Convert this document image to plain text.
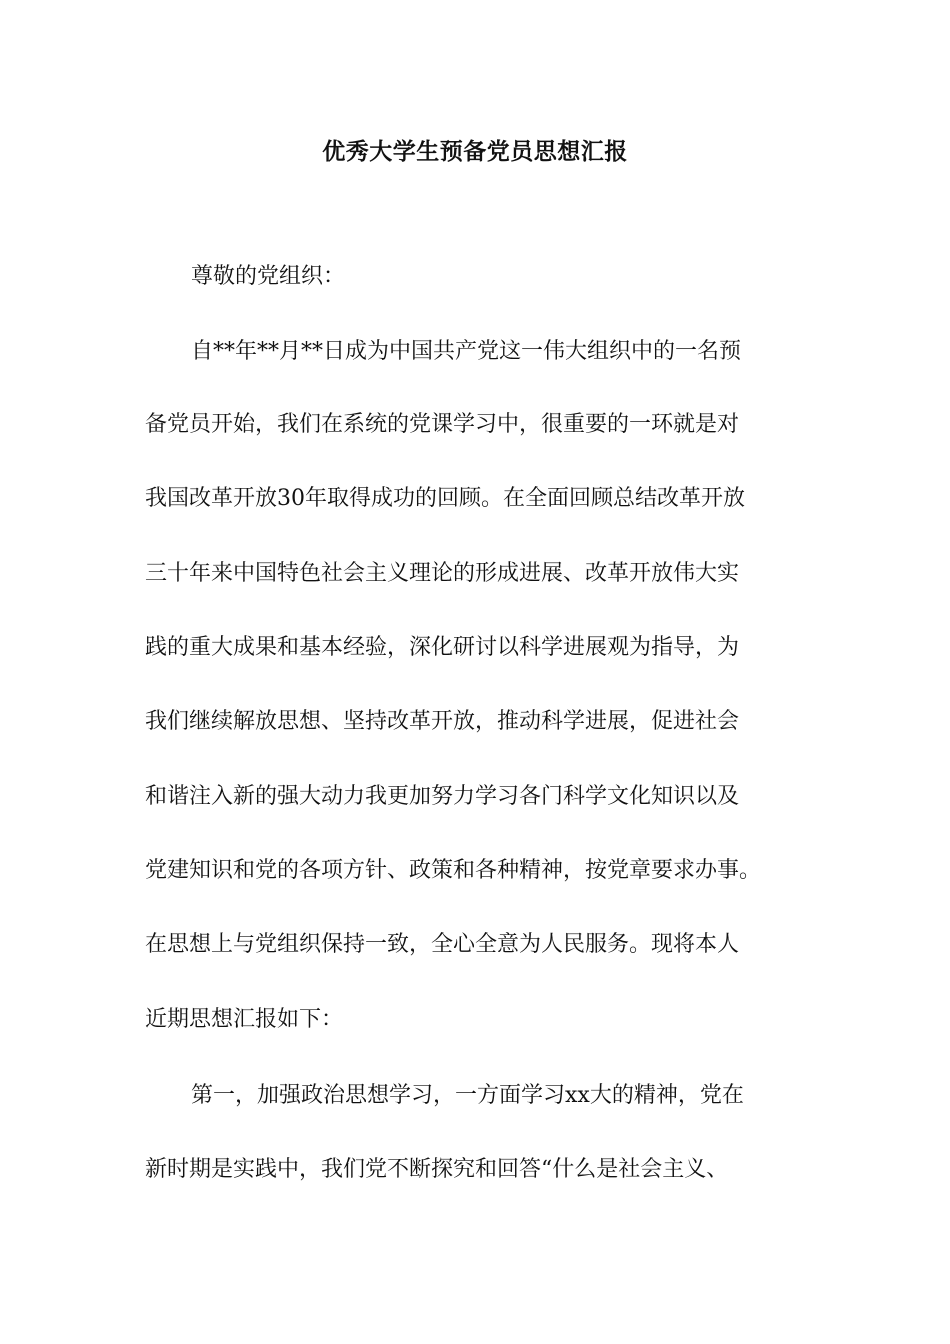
优秀大学生预备党员思想汇报
尊敬的党组织：
自**年**月**日成为中国共产党这一伟大组织中的一名预
备党员开始，我们在系统的党课学习中，很重要的一环就是对
我国改革开放30年取得成功的回顾。在全面回顾总结改革开放
三十年来中国特色社会主义理论的形成进展、改革开放伟大实
践的重大成果和基本经验，深化研讨以科学进展观为指导，为
我们继续解放思想、坚持改革开放，推动科学进展，促进社会
和谐注入新的强大动力我更加努力学习各门科学文化知识以及
党建知识和党的各项方针、政策和各种精神，按党章要求办事。
在思想上与党组织保持一致，全心全意为人民服务。现将本人
近期思想汇报如下：
第一，加强政治思想学习，一方面学习xx大的精神，党在
新时期是实践中，我们党不断探究和回答“什么是社会主义、
